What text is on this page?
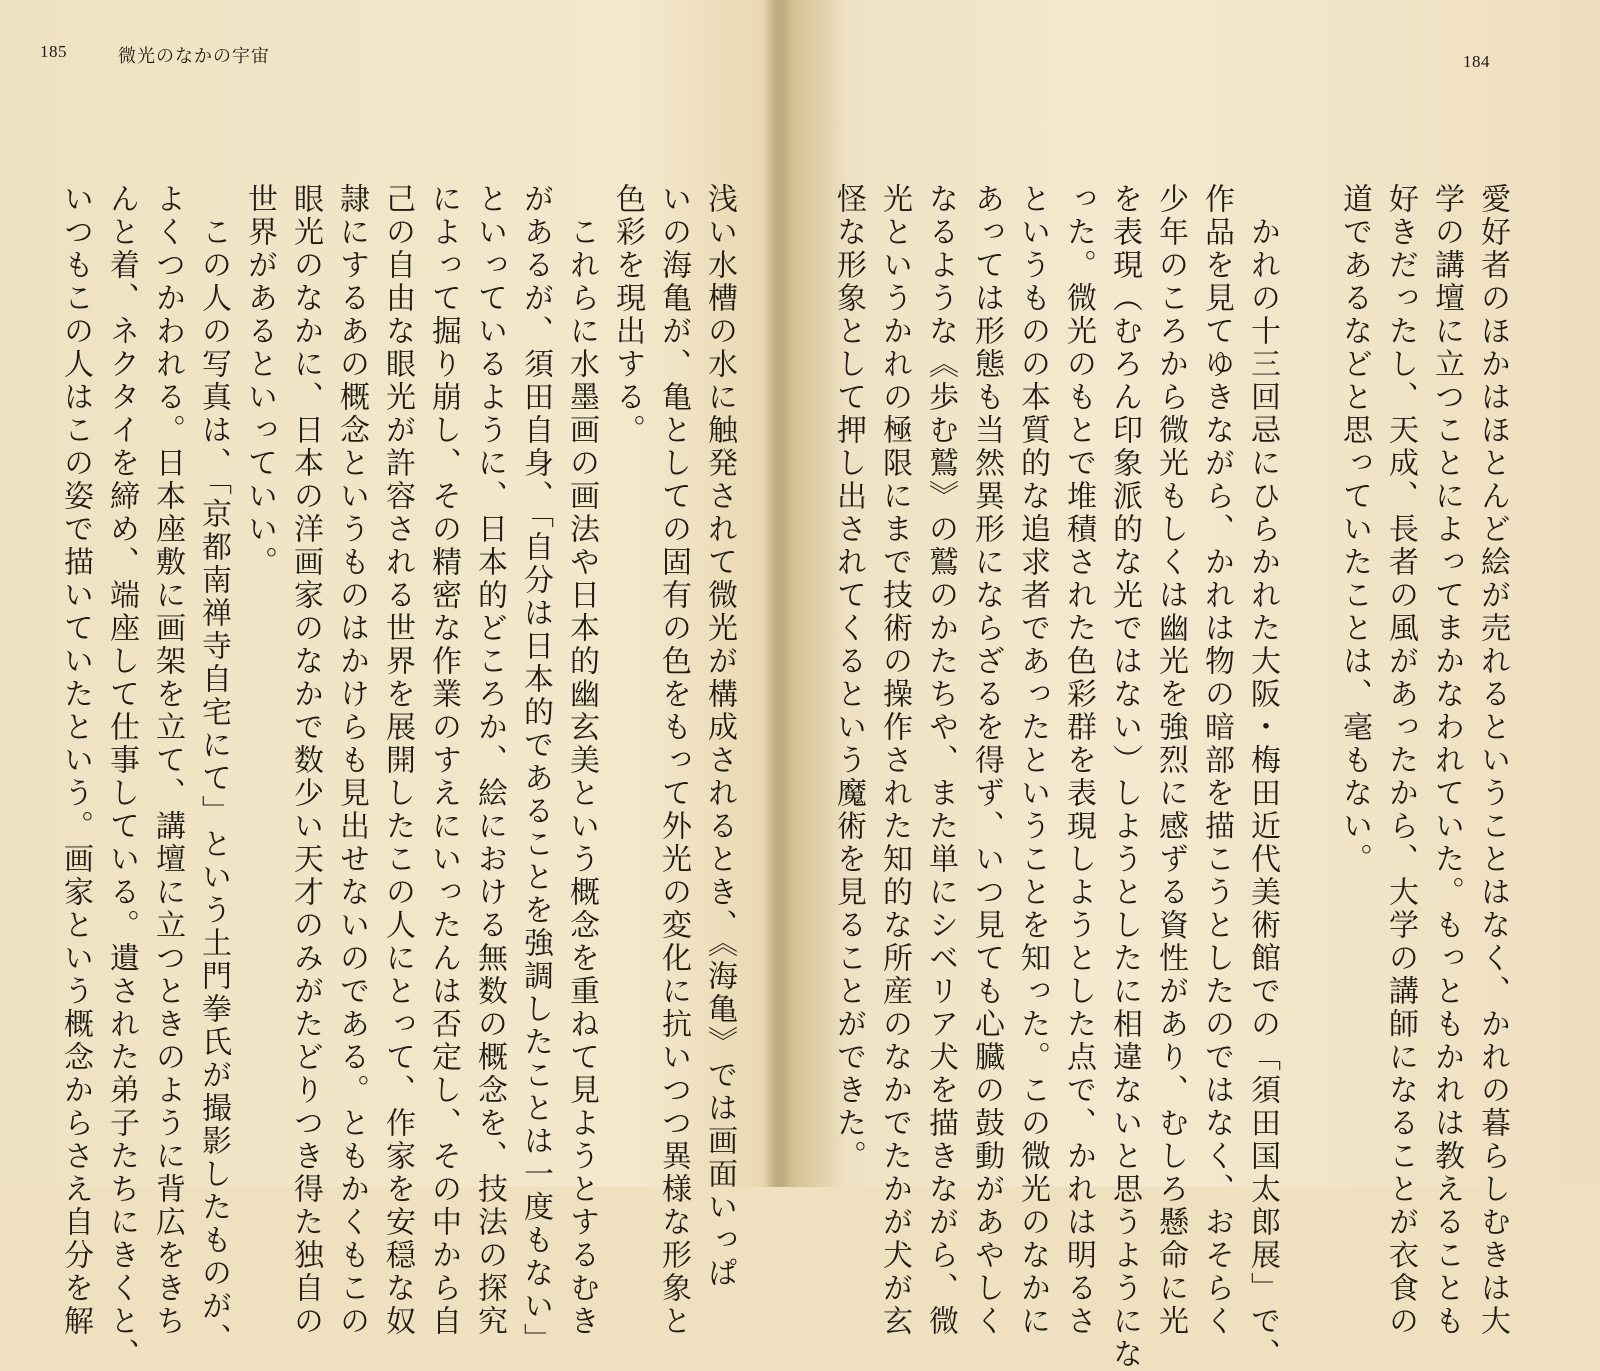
185	微光のなかの宇宙
浅い水槽の水に触発されて微光が構成されるとき、《海亀》では画面いっぱ
いの海亀が、亀としての固有の色をもって外光の変化に抗いつつ異様な形象と
色彩を現出する。
　これらに水墨画の画法や日本的幽玄美という概念を重ねて見ようとするむき
があるが、須田自身、「自分は日本的であることを強調したことは一度もない」
といっているように、日本的どころか、絵における無数の概念を、技法の探究
によって掘り崩し、その精密な作業のすえにいったんは否定し、その中から自
己の自由な眼光が許容される世界を展開したこの人にとって、作家を安穏な奴
隷にするあの概念というものはかけらも見出せないのである。ともかくもこの
眼光のなかに、日本の洋画家のなかで数少い天才のみがたどりつき得た独自の
世界があるといっていい。
　この人の写真は、「京都南禅寺自宅にて」という土門拳氏が撮影したものが、
よくつかわれる。日本座敷に画架を立て、講壇に立つときのように背広をきち
んと着、ネクタイを締め、端座して仕事している。遺された弟子たちにきくと、
いつもこの人はこの姿で描いていたという。画家という概念からさえ自分を解
184
愛好者のほかはほとんど絵が売れるということはなく、かれの暮らしむきは大
学の講壇に立つことによってまかなわれていた。もっともかれは教えることも
好きだったし、天成、長者の風があったから、大学の講師になることが衣食の
道であるなどと思っていたことは、毫もない。

　かれの十三回忌にひらかれた大阪・梅田近代美術館での「須田国太郎展」で、
作品を見てゆきながら、かれは物の暗部を描こうとしたのではなく、おそらく
少年のころから微光もしくは幽光を強烈に感ずる資性があり、むしろ懸命に光
を表現（むろん印象派的な光ではない）しようとしたに相違ないと思うようにな
った。微光のもとで堆積された色彩群を表現しようとした点で、かれは明るさ
というものの本質的な追求者であったということを知った。この微光のなかに
あっては形態も当然異形にならざるを得ず、いつ見ても心臓の鼓動があやしく
なるような《歩む鷲》の鷲のかたちや、また単にシベリア犬を描きながら、微
光というかれの極限にまで技術の操作された知的な所産のなかでたかが犬が玄
怪な形象として押し出されてくるという魔術を見ることができた。
